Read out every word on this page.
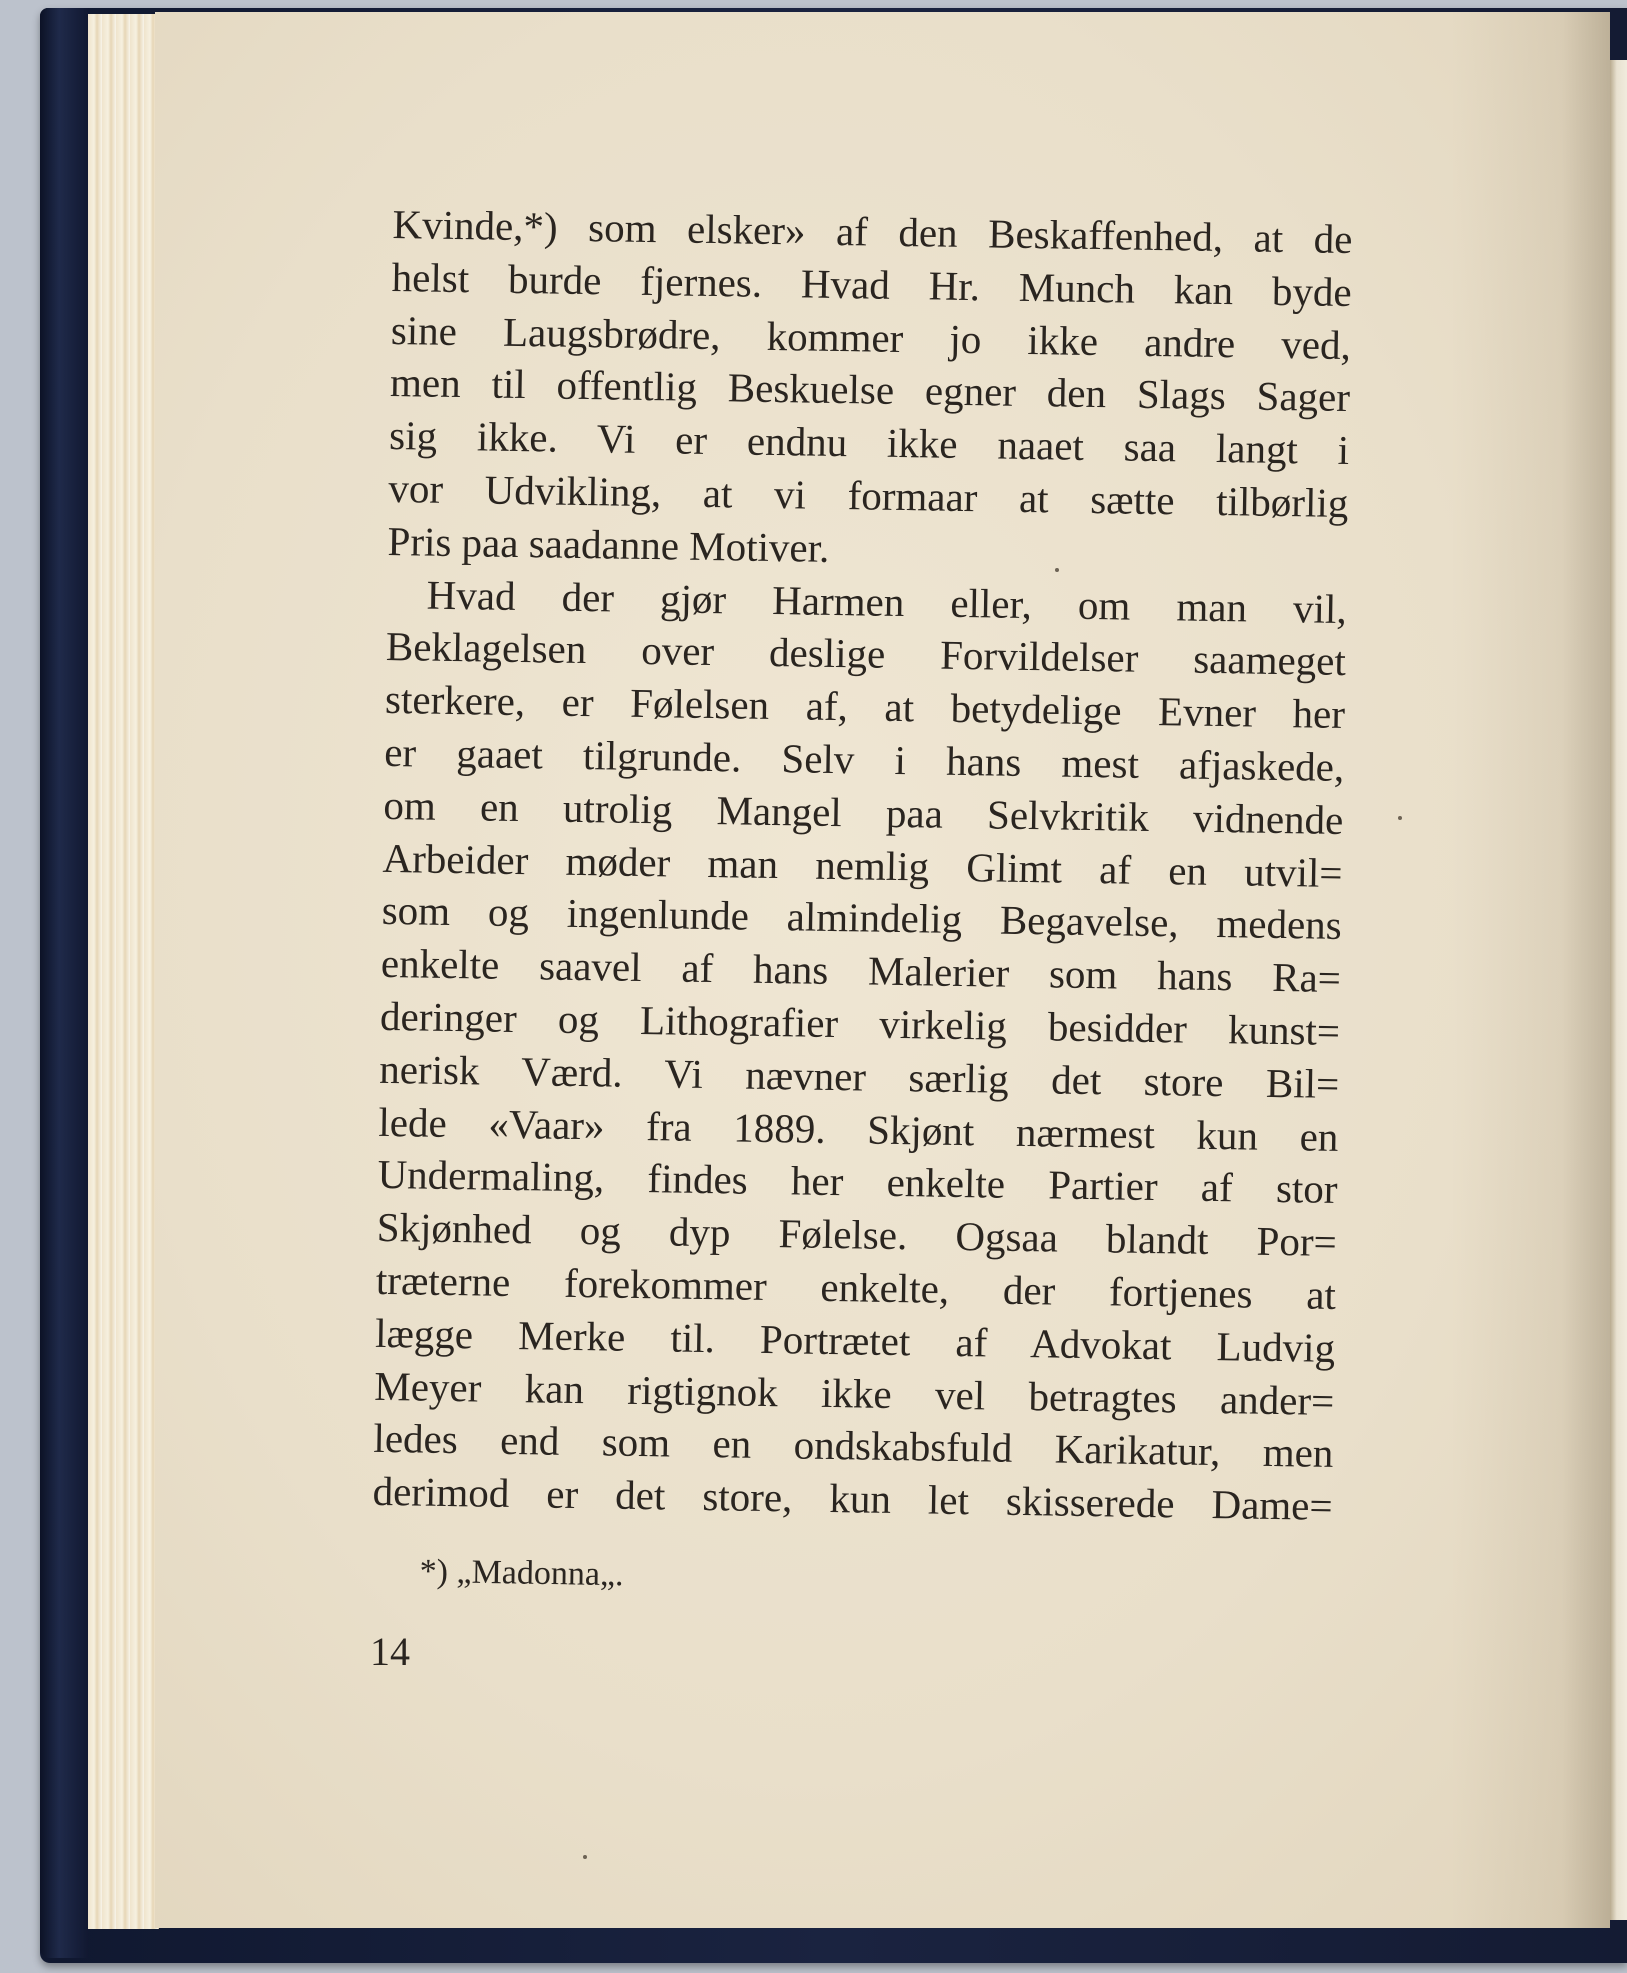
Kvinde,*) som elsker» af den Beskaffenhed, at de
helst burde fjernes. Hvad Hr. Munch kan byde
sine Laugsbrødre, kommer jo ikke andre ved,
men til offentlig Beskuelse egner den Slags Sager
sig ikke. Vi er endnu ikke naaet saa langt i
vor Udvikling, at vi formaar at sætte tilbørlig
Pris paa saadanne Motiver.
Hvad der gjør Harmen eller, om man vil,
Beklagelsen over deslige Forvildelser saameget
sterkere, er Følelsen af, at betydelige Evner her
er gaaet tilgrunde. Selv i hans mest afjaskede,
om en utrolig Mangel paa Selvkritik vidnende
Arbeider møder man nemlig Glimt af en utvil=
som og ingenlunde almindelig Begavelse, medens
enkelte saavel af hans Malerier som hans Ra=
deringer og Lithografier virkelig besidder kunst=
nerisk Værd. Vi nævner særlig det store Bil=
lede «Vaar» fra 1889. Skjønt nærmest kun en
Undermaling, findes her enkelte Partier af stor
Skjønhed og dyp Følelse. Ogsaa blandt Por=
træterne forekommer enkelte, der fortjenes at
lægge Merke til. Portrætet af Advokat Ludvig
Meyer kan rigtignok ikke vel betragtes ander=
ledes end som en ondskabsfuld Karikatur, men
derimod er det store, kun let skisserede Dame=
*) „Madonna„.
14
